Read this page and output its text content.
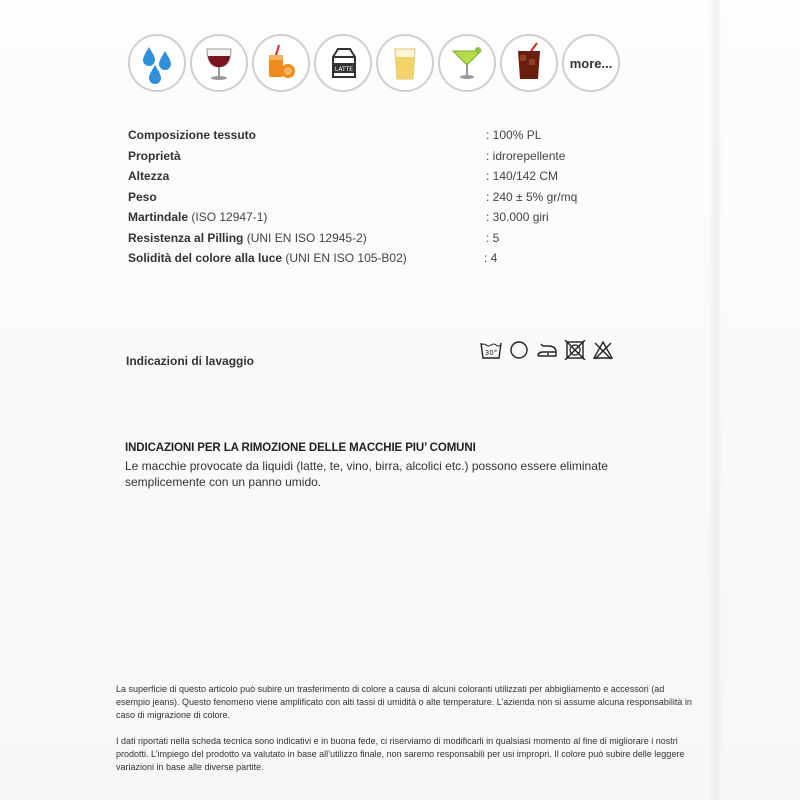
LATTE	more...
Composizione tessuto	: 100% PL
Proprietà	: idrorepellente
Altezza	: 140/142 CM
Peso	: 240 ± 5% gr/mq
Martindale (ISO 12947-1)	: 30.000 giri
Resistenza al Pilling (UNI EN ISO 12945-2)	: 5
Solidità del colore alla luce (UNI EN ISO 105-B02)	: 4
Indicazioni di lavaggio
30°
INDICAZIONI PER LA RIMOZIONE DELLE MACCHIE PIU’ COMUNI
Le macchie provocate da liquidi (latte, te, vino, birra, alcolici etc.) possono essere eliminate semplicemente con un panno umido.
La superficie di questo articolo può subire un trasferimento di colore a causa di alcuni coloranti utilizzati per abbigliamento e accessori (ad esempio jeans). Questo fenomeno viene amplificato con alti tassi di umidità o alte temperature. L’azienda non si assume alcuna responsabilità in caso di migrazione di colore.
I dati riportati nella scheda tecnica sono indicativi e in buona fede, ci riserviamo di modificarli in qualsiasi momento al fine di migliorare i nostri prodotti. L’impiego del prodotto va valutato in base all’utilizzo finale, non saremo responsabili per usi impropri. Il colore può subire delle leggere variazioni in base alle diverse partite.
